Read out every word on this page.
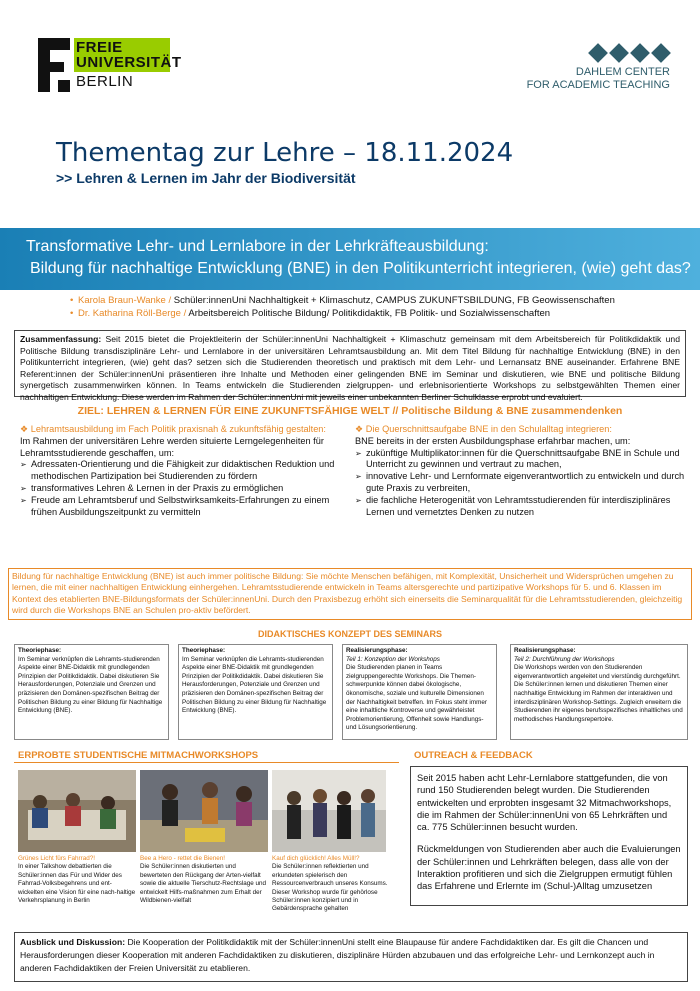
FREIE
UNIVERSITÄT
BERLIN
DAHLEM CENTER
FOR ACADEMIC TEACHING
Thementag zur Lehre – 18.11.2024
>> Lehren & Lernen im Jahr der Biodiversität
Transformative Lehr- und Lernlabore in der Lehrkräfteausbildung:
Bildung für nachhaltige Entwicklung (BNE) in den Politikunterricht integrieren, (wie) geht das?
• Karola Braun-Wanke / Schüler:innenUni Nachhaltigkeit + Klimaschutz, CAMPUS ZUKUNFTSBILDUNG, FB Geowissenschaften
• Dr. Katharina Röll-Berge / Arbeitsbereich Politische Bildung/ Politikdidaktik, FB Politik- und Sozialwissenschaften
Zusammenfassung: Seit 2015 bietet die Projektleiterin der Schüler:innenUni Nachhaltigkeit + Klimaschutz gemeinsam mit dem Arbeitsbereich für Politikdidaktik und Politische Bildung transdisziplinäre Lehr- und Lernlabore in der universitären Lehramtsausbildung an. Mit dem Titel Bildung für nachhaltige Entwicklung (BNE) in den Politikunterricht integrieren, (wie) geht das? setzen sich die Studierenden theoretisch und praktisch mit dem Lehr- und Lernansatz BNE auseinander. Erfahrene BNE Referent:innen der Schüler:innenUni präsentieren ihre Inhalte und Methoden einer gelingenden BNE im Seminar und diskutieren, wie BNE und politische Bildung synergetisch zusammenwirken können. In Teams entwickeln die Studierenden zielgruppen- und erlebnisorientierte Workshops zu selbstgewählten Themen einer nachhaltigen Entwicklung. Diese werden im Rahmen der Schüler:innenUni mit jeweils einer unbekannten Berliner Schulklasse erprobt und evaluiert.
ZIEL: LEHREN & LERNEN FÜR EINE ZUKUNFTSFÄHIGE WELT // Politische Bildung & BNE zusammendenken
❖ Lehramtsausbildung im Fach Politik praxisnah & zukunftsfähig gestalten:
Im Rahmen der universitären Lehre werden situierte Lerngelegenheiten für Lehramtsstudierende geschaffen, um:
➢ Adressaten-Orientierung und die Fähigkeit zur didaktischen Reduktion und methodischen Partizipation bei Studierenden zu fördern
➢ transformatives Lehren & Lernen in der Praxis zu ermöglichen
➢ Freude am Lehramtsberuf und Selbstwirksamkeits-Erfahrungen zu einem frühen Ausbildungszeitpunkt zu vermitteln
❖ Die Querschnittsaufgabe BNE in den Schulalltag integrieren:
BNE bereits in der ersten Ausbildungsphase erfahrbar machen, um:
➢ zukünftige Multiplikator:innen für die Querschnittsaufgabe BNE in Schule und Unterricht zu gewinnen und vertraut zu machen,
➢ innovative Lehr- und Lernformate eigenverantwortlich zu entwickeln und durch gute Praxis zu verbreiten,
➢ die fachliche Heterogenität von Lehramtsstudierenden für interdisziplinäres Lernen und vernetztes Denken zu nutzen
Bildung für nachhaltige Entwicklung (BNE) ist auch immer politische Bildung: Sie möchte Menschen befähigen, mit Komplexität, Unsicherheit und Widersprüchen umgehen zu lernen, die mit einer nachhaltigen Entwicklung einhergehen. Lehramtsstudierende entwickeln in Teams altersgerechte und partizipative Workshops für 5. und 6. Klassen im Kontext des etablierten BNE-Bildungsformats der Schüler:innenUni. Durch den Praxisbezug erhöht sich einerseits die Seminarqualität für die Lehramtsstudierenden, gleichzeitig wird durch die Workshops BNE an Schulen pro-aktiv befördert.
DIDAKTISCHES KONZEPT DES SEMINARS
Theoriephase:
Im Seminar verknüpfen die Lehramts-studierenden Aspekte einer BNE-Didaktik mit grundlegenden Prinzipien der Politikdidaktik. Dabei diskutieren Sie Herausforderungen, Potenziale und Grenzen und präzisieren den Domänen-spezifischen Beitrag der Politischen Bildung zu einer Bildung für Nachhaltige Entwicklung (BNE).
Theoriephase:
Im Seminar verknüpfen die Lehramts-studierenden Aspekte einer BNE-Didaktik mit grundlegenden Prinzipien der Politikdidaktik. Dabei diskutieren Sie Herausforderungen, Potenziale und Grenzen und präzisieren den Domänen-spezifischen Beitrag der Politischen Bildung zu einer Bildung für Nachhaltige Entwicklung (BNE).
Realisierungsphase:
Teil 1: Konzeption der Workshops
Die Studierenden planen in Teams zielgruppengerechte Workshops. Die Themen-schwerpunkte können dabei ökologische, ökonomische, soziale und kulturelle Dimensionen der Nachhaltigkeit betreffen. Im Fokus steht immer eine inhaltliche Kontroverse und gewährleistet Problemorientierung, Offenheit sowie Handlungs- und Lösungsorientierung.
Realisierungsphase:
Teil 2: Durchführung der Workshops
Die Workshops werden von den Studierenden eigenverantwortlich angeleitet und vierstündig durchgeführt. Die Schüler:innen lernen und diskutieren Themen einer nachhaltige Entwicklung im Rahmen der interaktiven und interdisziplinären Workshop-Settings. Zugleich erweitern die Studierenden ihr eigenes berufsspezifisches inhaltliches und methodisches Handlungsrepertoire.
ERPROBTE STUDENTISCHE MITMACHWORKSHOPS	OUTREACH & FEEDBACK
Grünes Licht fürs Fahrrad?!
In einer Talkshow debattierten die Schüler:innen das Für und Wider des Fahrrad-Volksbegehrens und ent-wickelten eine Vision für eine nach-haltige Verkehrsplanung in Berlin
Bee a Hero - rettet die Bienen!
Die Schüler:innen diskutierten und bewerteten den Rückgang der Arten-vielfalt sowie die aktuelle Tierschutz-Rechtslage und entwickelt Hilfs-maßnahmen zum Erhalt der Wildbienen-vielfalt
Kauf dich glücklich! Alles Müll!?
Die Schüler:innen reflektierten und erkundeten spielerisch den Ressourcenverbrauch unseres Konsums. Dieser Workshop wurde für gehörlose Schüler:innen konzipiert und in Gebärdensprache gehalten
Seit 2015 haben acht Lehr-Lernlabore stattgefunden, die von rund 150 Studierenden belegt wurden. Die Studierenden entwickelten und erprobten insgesamt 32 Mitmachworkshops, die im Rahmen der Schüler:innenUni von 65 Lehrkräften und ca. 775 Schüler:innen besucht wurden.
Rückmeldungen von Studierenden aber auch die Evaluierungen der Schüler:innen und Lehrkräften belegen, dass alle von der Interaktion profitieren und sich die Zielgruppen ermutigt fühlen das Erfahrene und Erlernte im (Schul-)Alltag umzusetzen
Ausblick und Diskussion: Die Kooperation der Politikdidaktik mit der Schüler:innenUni stellt eine Blaupause für andere Fachdidaktiken dar. Es gilt die Chancen und Herausforderungen dieser Kooperation mit anderen Fachdidaktiken zu diskutieren, disziplinäre Hürden abzubauen und das erfolgreiche Lehr- und Lernkonzept auch in anderen Fachdidaktiken der Freien Universität zu etablieren.
